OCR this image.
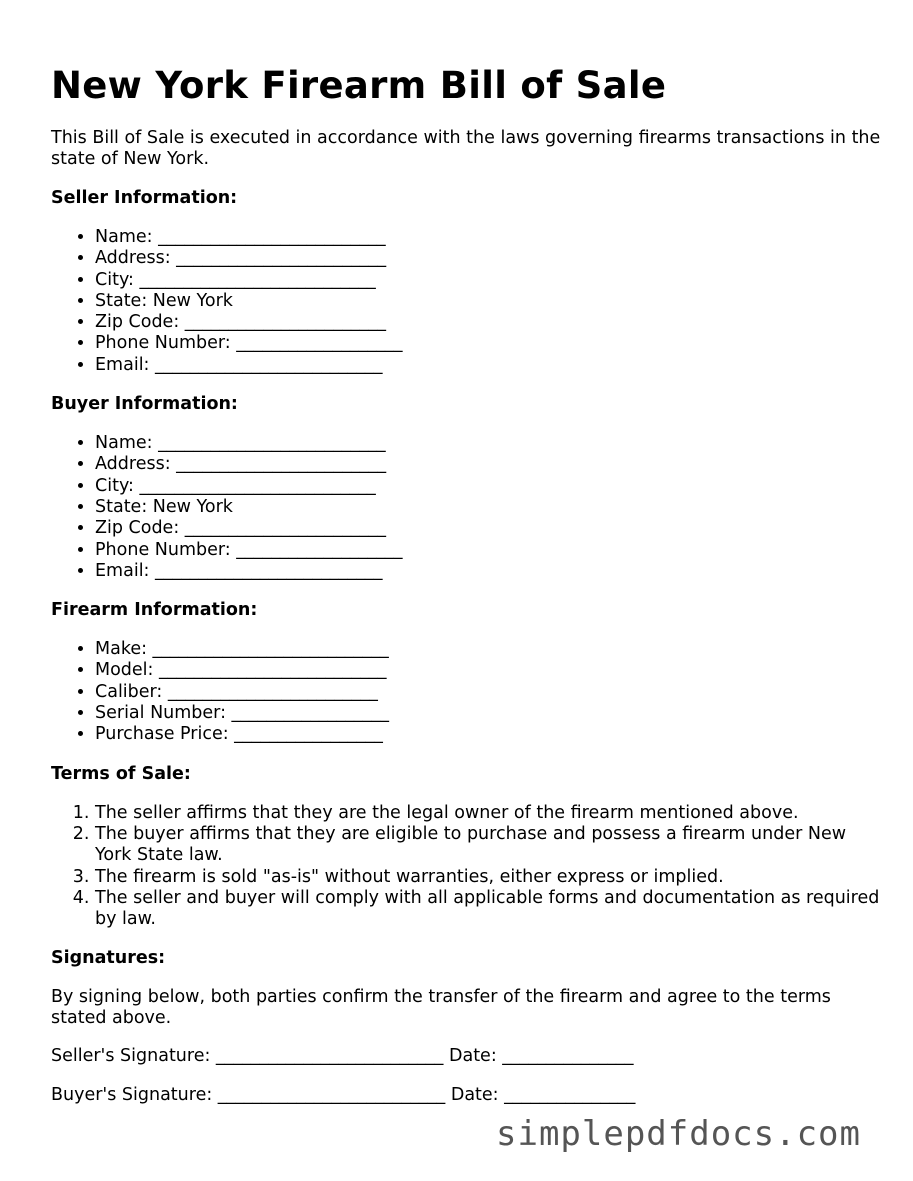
New York Firearm Bill of Sale

This Bill of Sale is executed in accordance with the laws governing firearms transactions in the state of New York.

Seller Information:
• Name: __________________________
• Address: ________________________
• City: ___________________________
• State: New York
• Zip Code: _______________________
• Phone Number: ___________________
• Email: __________________________
Buyer Information:
• Name: __________________________
• Address: ________________________
• City: ___________________________
• State: New York
• Zip Code: _______________________
• Phone Number: ___________________
• Email: __________________________
Firearm Information:
• Make: ___________________________
• Model: __________________________
• Caliber: ________________________
• Serial Number: __________________
• Purchase Price: _________________
Terms of Sale:
1. The seller affirms that they are the legal owner of the firearm mentioned above.
2. The buyer affirms that they are eligible to purchase and possess a firearm under New York State law.
3. The firearm is sold "as-is" without warranties, either express or implied.
4. The seller and buyer will comply with all applicable forms and documentation as required by law.
Signatures:

By signing below, both parties confirm the transfer of the firearm and agree to the terms stated above.

Seller's Signature: __________________________ Date: _______________

Buyer's Signature: __________________________ Date: _______________

simplepdfdocs.com
